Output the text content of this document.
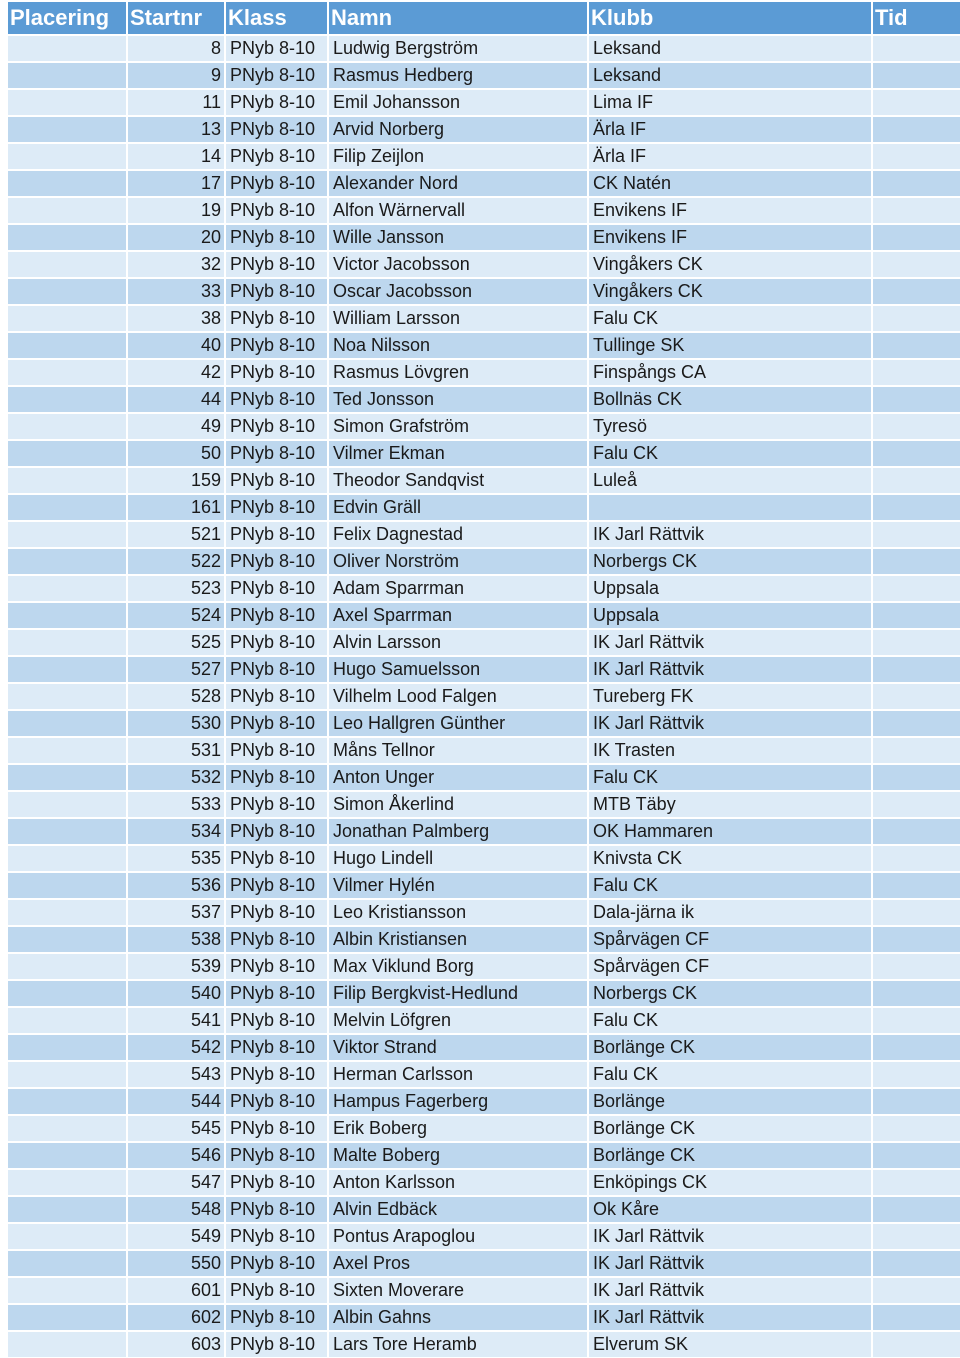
Placering	Startnr	Klass	Namn	Klubb	Tid
	8	PNyb 8-10	Ludwig Bergström	Leksand	
	9	PNyb 8-10	Rasmus Hedberg	Leksand	
	11	PNyb 8-10	Emil Johansson	Lima IF	
	13	PNyb 8-10	Arvid Norberg	Ärla IF	
	14	PNyb 8-10	Filip Zeijlon	Ärla IF	
	17	PNyb 8-10	Alexander Nord	CK Natén	
	19	PNyb 8-10	Alfon Wärnervall	Envikens IF	
	20	PNyb 8-10	Wille Jansson	Envikens IF	
	32	PNyb 8-10	Victor Jacobsson	Vingåkers CK	
	33	PNyb 8-10	Oscar Jacobsson	Vingåkers CK	
	38	PNyb 8-10	William Larsson	Falu CK	
	40	PNyb 8-10	Noa Nilsson	Tullinge SK	
	42	PNyb 8-10	Rasmus Lövgren	Finspångs CA	
	44	PNyb 8-10	Ted Jonsson	Bollnäs CK	
	49	PNyb 8-10	Simon Grafström	Tyresö	
	50	PNyb 8-10	Vilmer Ekman	Falu CK	
	159	PNyb 8-10	Theodor Sandqvist	Luleå	
	161	PNyb 8-10	Edvin Gräll		
	521	PNyb 8-10	Felix Dagnestad	IK Jarl Rättvik	
	522	PNyb 8-10	Oliver Norström	Norbergs CK	
	523	PNyb 8-10	Adam Sparrman	Uppsala	
	524	PNyb 8-10	Axel Sparrman	Uppsala	
	525	PNyb 8-10	Alvin Larsson	IK Jarl Rättvik	
	527	PNyb 8-10	Hugo Samuelsson	IK Jarl Rättvik	
	528	PNyb 8-10	Vilhelm Lood Falgen	Tureberg FK	
	530	PNyb 8-10	Leo Hallgren Günther	IK Jarl Rättvik	
	531	PNyb 8-10	Måns Tellnor	IK Trasten	
	532	PNyb 8-10	Anton Unger	Falu CK	
	533	PNyb 8-10	Simon Åkerlind	MTB Täby	
	534	PNyb 8-10	Jonathan Palmberg	OK Hammaren	
	535	PNyb 8-10	Hugo Lindell	Knivsta CK	
	536	PNyb 8-10	Vilmer Hylén	Falu CK	
	537	PNyb 8-10	Leo Kristiansson	Dala-järna ik	
	538	PNyb 8-10	Albin Kristiansen	Spårvägen CF	
	539	PNyb 8-10	Max Viklund Borg	Spårvägen CF	
	540	PNyb 8-10	Filip Bergkvist-Hedlund	Norbergs CK	
	541	PNyb 8-10	Melvin Löfgren	Falu CK	
	542	PNyb 8-10	Viktor Strand	Borlänge CK	
	543	PNyb 8-10	Herman Carlsson	Falu CK	
	544	PNyb 8-10	Hampus Fagerberg	Borlänge	
	545	PNyb 8-10	Erik Boberg	Borlänge CK	
	546	PNyb 8-10	Malte Boberg	Borlänge CK	
	547	PNyb 8-10	Anton Karlsson	Enköpings CK	
	548	PNyb 8-10	Alvin Edbäck	Ok Kåre	
	549	PNyb 8-10	Pontus Arapoglou	IK Jarl Rättvik	
	550	PNyb 8-10	Axel Pros	IK Jarl Rättvik	
	601	PNyb 8-10	Sixten Moverare	IK Jarl Rättvik	
	602	PNyb 8-10	Albin Gahns	IK Jarl Rättvik	
	603	PNyb 8-10	Lars Tore Heramb	Elverum SK	
